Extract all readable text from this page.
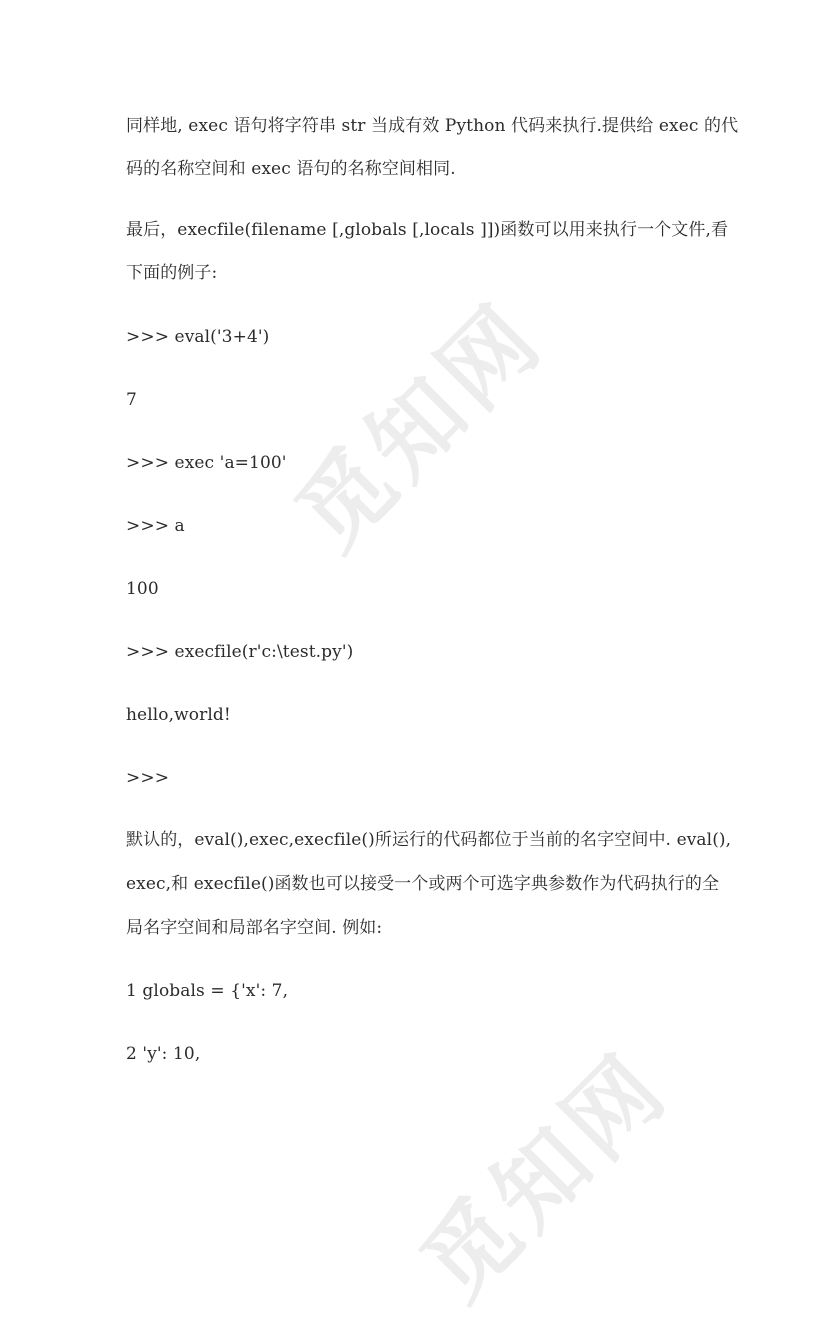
觅知网
觅知网
同样地, exec 语句将字符串 str 当成有效 Python 代码来执行.提供给 exec 的代
码的名称空间和 exec 语句的名称空间相同.
最后，execfile(filename [,globals [,locals ]])函数可以用来执行一个文件,看
下面的例子:
>>> eval('3+4')
7
>>> exec 'a=100'
>>> a
100
>>> execfile(r'c:\test.py')
hello,world!
>>>
默认的，eval(),exec,execfile()所运行的代码都位于当前的名字空间中. eval(),
exec,和 execfile()函数也可以接受一个或两个可选字典参数作为代码执行的全
局名字空间和局部名字空间. 例如:
1 globals = {'x': 7,
2 'y': 10,
